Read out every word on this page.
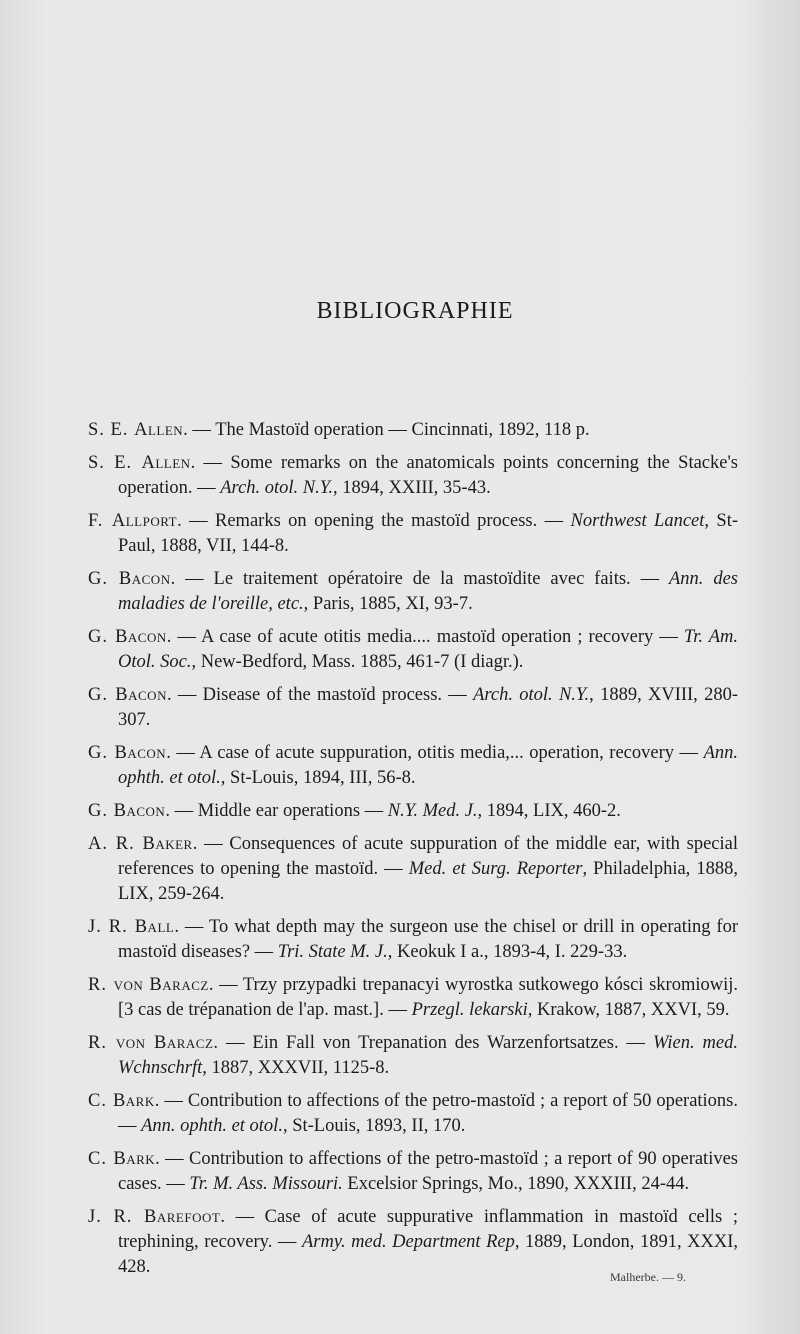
BIBLIOGRAPHIE

S. E. Allen. — The Mastoïd operation — Cincinnati, 1892, 118 p.

S. E. Allen. — Some remarks on the anatomicals points concerning the Stacke's operation. — Arch. otol. N.Y., 1894, XXIII, 35-43.

F. Allport. — Remarks on opening the mastoïd process. — Northwest Lancet, St-Paul, 1888, VII, 144-8.

G. Bacon. — Le traitement opératoire de la mastoïdite avec faits. — Ann. des maladies de l'oreille, etc., Paris, 1885, XI, 93-7.

G. Bacon. — A case of acute otitis media.... mastoïd operation ; recovery — Tr. Am. Otol. Soc., New-Bedford, Mass. 1885, 461-7 (I diagr.).

G. Bacon. — Disease of the mastoïd process. — Arch. otol. N.Y., 1889, XVIII, 280-307.

G. Bacon. — A case of acute suppuration, otitis media,... operation, recovery — Ann. ophth. et otol., St-Louis, 1894, III, 56-8.

G. Bacon. — Middle ear operations — N.Y. Med. J., 1894, LIX, 460-2.

A. R. Baker. — Consequences of acute suppuration of the middle ear, with special references to opening the mastoïd. — Med. et Surg. Reporter, Philadelphia, 1888, LIX, 259-264.

J. R. Ball. — To what depth may the surgeon use the chisel or drill in operating for mastoïd diseases? — Tri. State M. J., Keokuk I a., 1893-4, I. 229-33.

R. von Baracz. — Trzy przypadki trepanacyi wyrostka sutkowego kósci skromiowij. [3 cas de trépanation de l'ap. mast.]. — Przegl. lekarski, Krakow, 1887, XXVI, 59.

R. von Baracz. — Ein Fall von Trepanation des Warzenfortsatzes. — Wien. med. Wchnschrft, 1887, XXXVII, 1125-8.

C. Bark. — Contribution to affections of the petro-mastoïd ; a report of 50 operations. — Ann. ophth. et otol., St-Louis, 1893, II, 170.

C. Bark. — Contribution to affections of the petro-mastoïd ; a report of 90 operatives cases. — Tr. M. Ass. Missouri. Excelsior Springs, Mo., 1890, XXXIII, 24-44.

J. R. Barefoot. — Case of acute suppurative inflammation in mastoïd cells ; trephining, recovery. — Army. med. Department Rep, 1889, London, 1891, XXXI, 428.	Malherbe. — 9.
